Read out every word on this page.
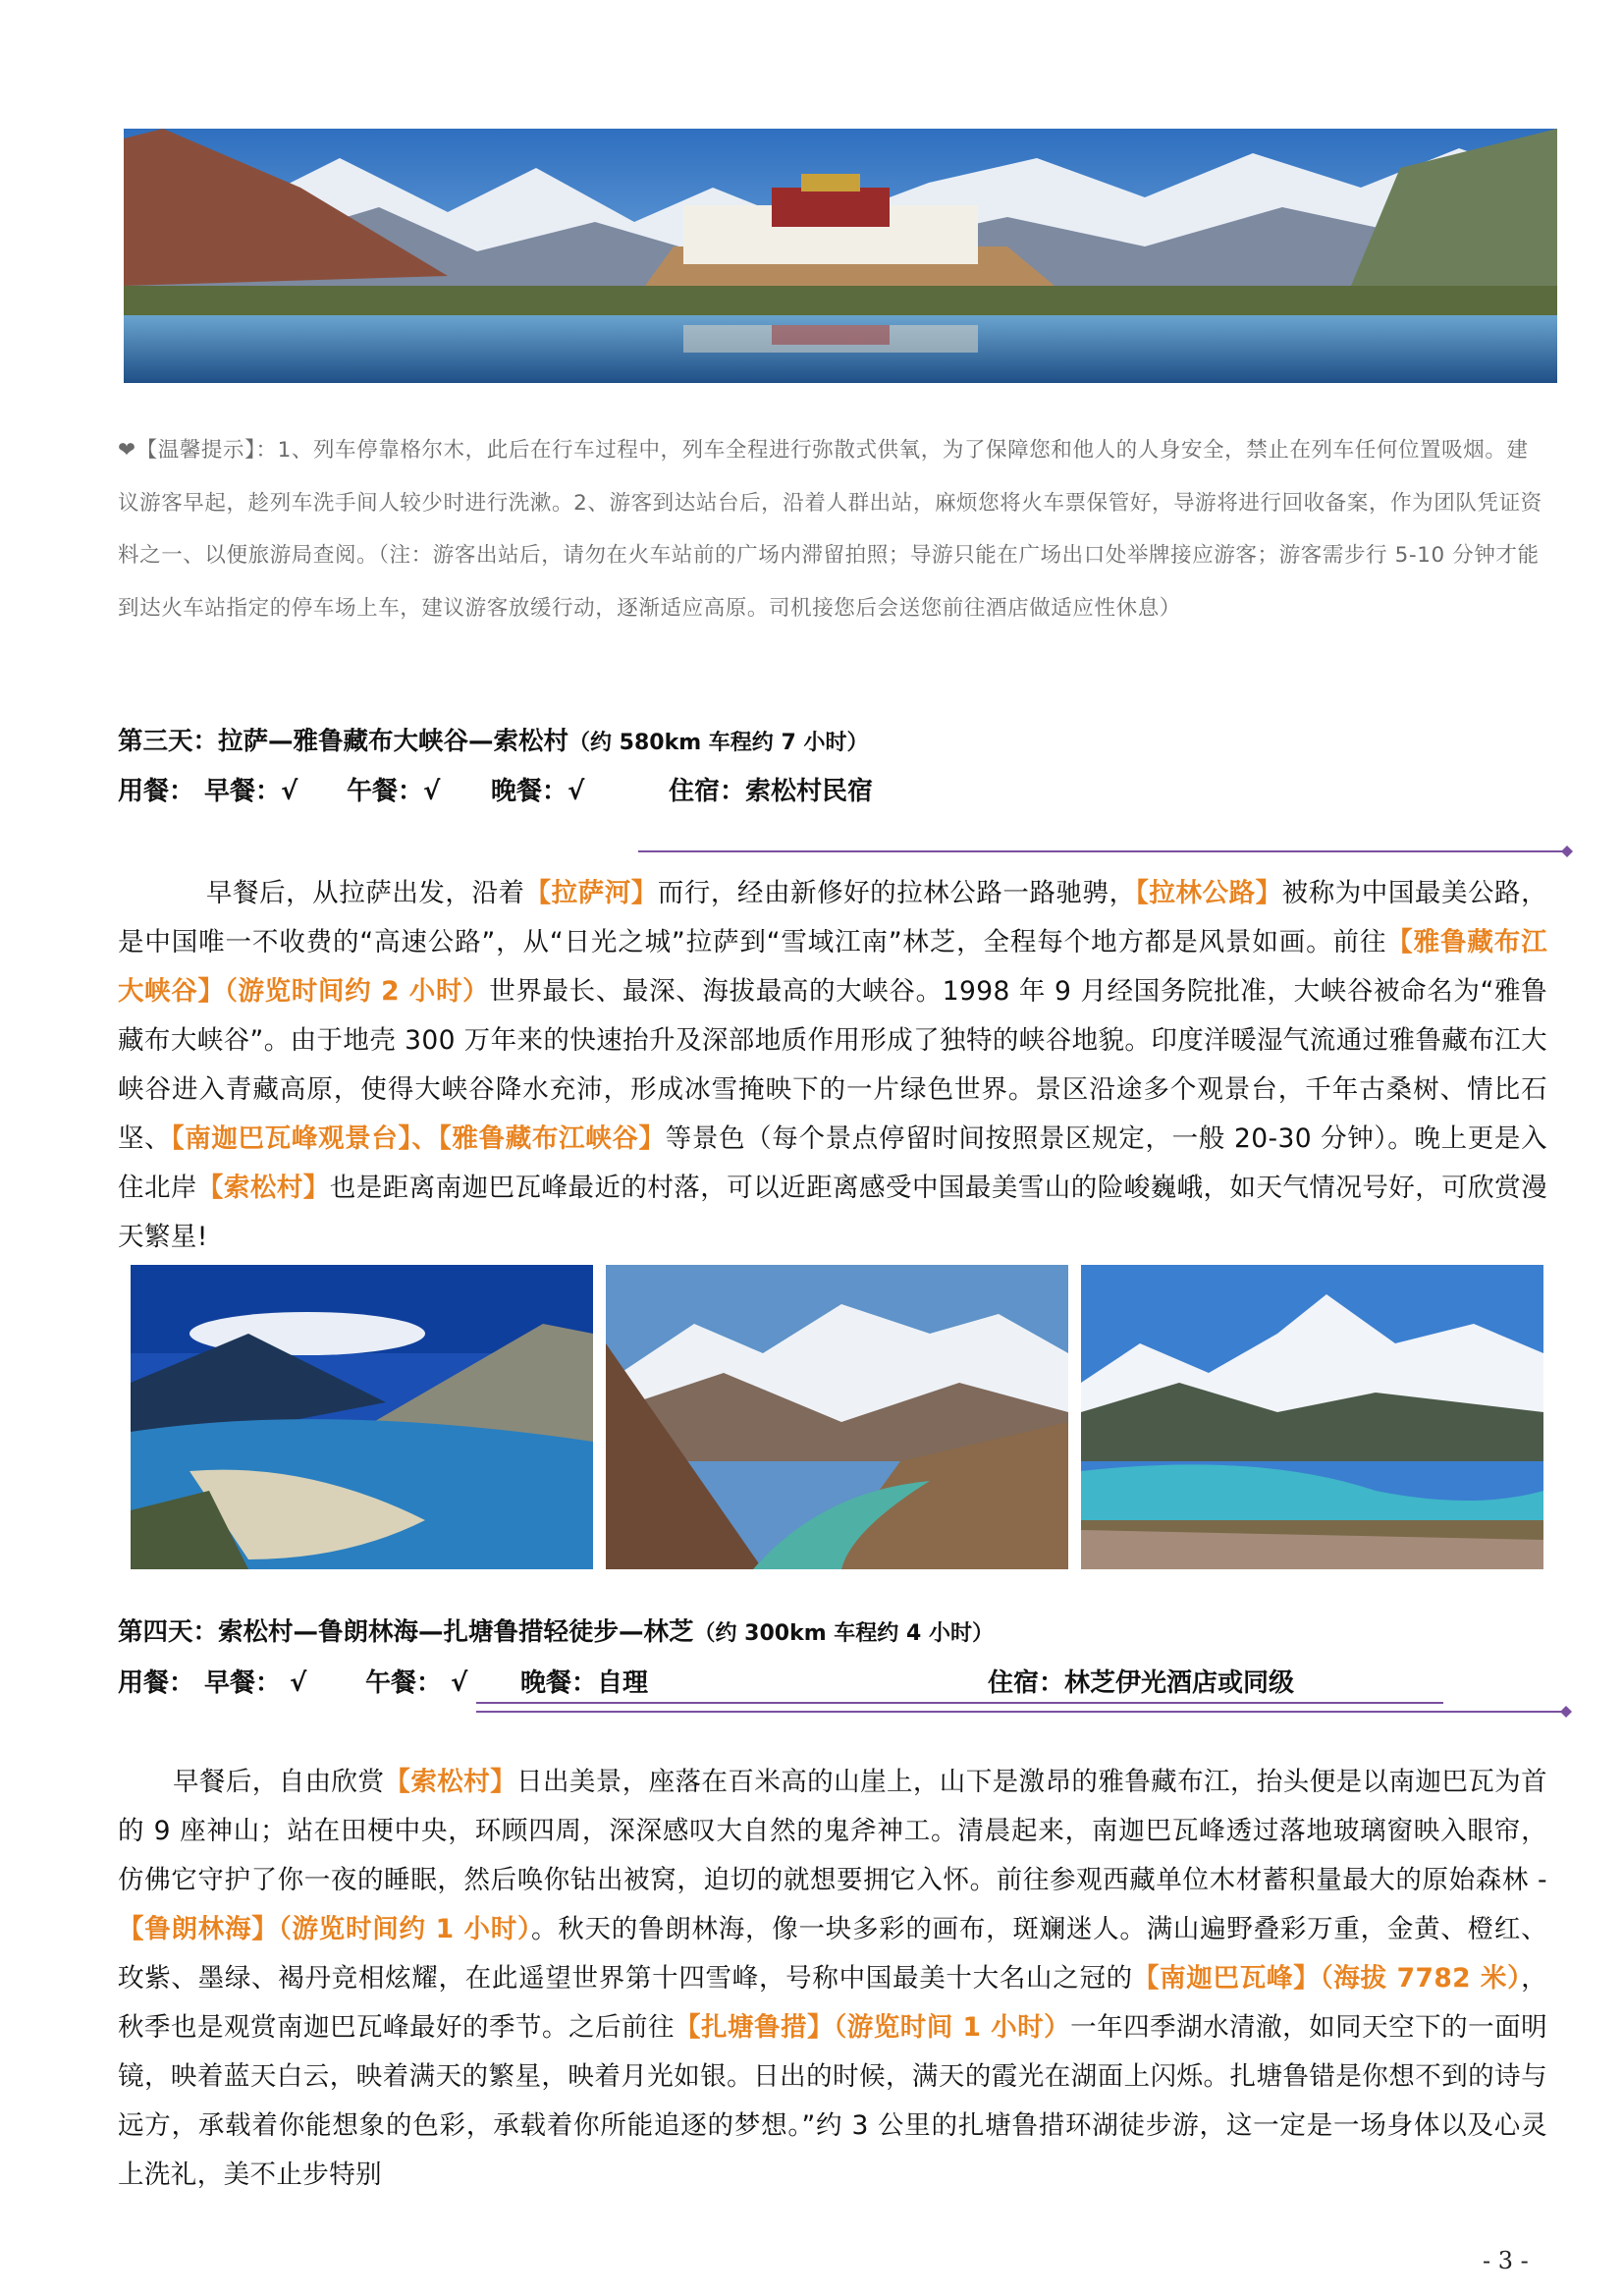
❤【温馨提示】：1、列车停靠格尔木，此后在行车过程中，列车全程进行弥散式供氧，为了保障您和他人的人身安全，禁止在列车任何位置吸烟。建议游客早起，趁列车洗手间人较少时进行洗漱。2、游客到达站台后，沿着人群出站，麻烦您将火车票保管好，导游将进行回收备案，作为团队凭证资料之一、以便旅游局查阅。（注：游客出站后，请勿在火车站前的广场内滞留拍照；导游只能在广场出口处举牌接应游客；游客需步行 5-10 分钟才能到达火车站指定的停车场上车，建议游客放缓行动，逐渐适应高原。司机接您后会送您前往酒店做适应性休息）
第三天：拉萨—雅鲁藏布大峡谷—索松村（约 580km 车程约 7 小时）
用餐： 早餐：√ 午餐：√ 晚餐：√	住宿：索松村民宿
早餐后，从拉萨出发，沿着【拉萨河】而行，经由新修好的拉林公路一路驰骋，【拉林公路】被称为中国最美公路，是中国唯一不收费的“高速公路”，从“日光之城”拉萨到“雪域江南”林芝，全程每个地方都是风景如画。前往【雅鲁藏布江大峡谷】（游览时间约 2 小时）世界最长、最深、海拔最高的大峡谷。1998 年 9 月经国务院批准，大峡谷被命名为“雅鲁藏布大峡谷”。由于地壳 300 万年来的快速抬升及深部地质作用形成了独特的峡谷地貌。印度洋暖湿气流通过雅鲁藏布江大峡谷进入青藏高原，使得大峡谷降水充沛，形成冰雪掩映下的一片绿色世界。景区沿途多个观景台，千年古桑树、情比石坚、【南迦巴瓦峰观景台】、【雅鲁藏布江峡谷】等景色（每个景点停留时间按照景区规定，一般 20-30 分钟）。晚上更是入住北岸【索松村】也是距离南迦巴瓦峰最近的村落，可以近距离感受中国最美雪山的险峻巍峨，如天气情况号好，可欣赏漫天繁星!
第四天：索松村—鲁朗林海—扎塘鲁措轻徒步—林芝（约 300km 车程约 4 小时）
用餐： 早餐： √ 午餐： √ 晚餐：自理	住宿：林芝伊光酒店或同级
早餐后，自由欣赏【索松村】日出美景，座落在百米高的山崖上，山下是激昂的雅鲁藏布江，抬头便是以南迦巴瓦为首的 9 座神山；站在田梗中央，环顾四周，深深感叹大自然的鬼斧神工。清晨起来，南迦巴瓦峰透过落地玻璃窗映入眼帘，仿佛它守护了你一夜的睡眠，然后唤你钻出被窝，迫切的就想要拥它入怀。前往参观西藏单位木材蓄积量最大的原始森林 - 【鲁朗林海】（游览时间约 1 小时）。秋天的鲁朗林海，像一块多彩的画布，斑斓迷人。满山遍野叠彩万重，金黄、橙红、玫紫、墨绿、褐丹竞相炫耀，在此遥望世界第十四雪峰，号称中国最美十大名山之冠的【南迦巴瓦峰】（海拔 7782 米），秋季也是观赏南迦巴瓦峰最好的季节。之后前往【扎塘鲁措】（游览时间 1 小时）一年四季湖水清澈，如同天空下的一面明镜，映着蓝天白云，映着满天的繁星，映着月光如银。日出的时候，满天的霞光在湖面上闪烁。扎塘鲁错是你想不到的诗与远方，承载着你能想象的色彩，承载着你所能追逐的梦想。”约 3 公里的扎塘鲁措环湖徒步游，这一定是一场身体以及心灵上洗礼，美不止步特别
- 3 -
